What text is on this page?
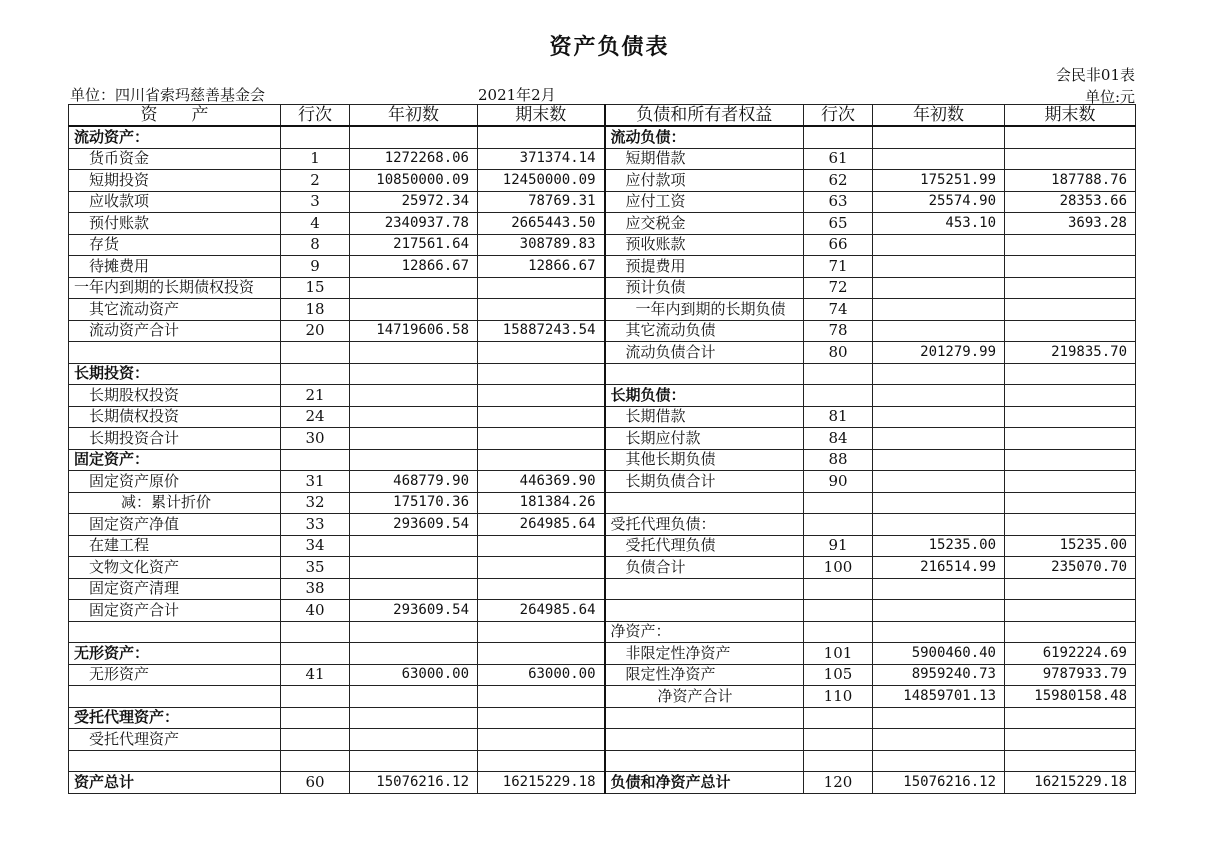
资产负债表
会民非01表
单位：四川省索玛慈善基金会	2021年2月	单位:元
资　　产	行次	年初数	期末数	负债和所有者权益	行次	年初数	期末数
流动资产：				流动负债：			
货币资金	1	1272268.06	371374.14	短期借款	61		
短期投资	2	10850000.09	12450000.09	应付款项	62	175251.99	187788.76
应收款项	3	25972.34	78769.31	应付工资	63	25574.90	28353.66
预付账款	4	2340937.78	2665443.50	应交税金	65	453.10	3693.28
存货	8	217561.64	308789.83	预收账款	66		
待摊费用	9	12866.67	12866.67	预提费用	71		
一年内到期的长期债权投资	15			预计负债	72		
其它流动资产	18			一年内到期的长期负债	74		
流动资产合计	20	14719606.58	15887243.54	其它流动负债	78		
				流动负债合计	80	201279.99	219835.70
长期投资：							
长期股权投资	21			长期负债：			
长期债权投资	24			长期借款	81		
长期投资合计	30			长期应付款	84		
固定资产：				其他长期负债	88		
固定资产原价	31	468779.90	446369.90	长期负债合计	90		
减：累计折价	32	175170.36	181384.26				
固定资产净值	33	293609.54	264985.64	受托代理负债：			
在建工程	34			受托代理负债	91	15235.00	15235.00
文物文化资产	35			负债合计	100	216514.99	235070.70
固定资产清理	38						
固定资产合计	40	293609.54	264985.64				
				净资产：			
无形资产：				非限定性净资产	101	5900460.40	6192224.69
无形资产	41	63000.00	63000.00	限定性净资产	105	8959240.73	9787933.79
				净资产合计	110	14859701.13	15980158.48
受托代理资产：							
受托代理资产							

资产总计	60	15076216.12	16215229.18	负债和净资产总计	120	15076216.12	16215229.18
